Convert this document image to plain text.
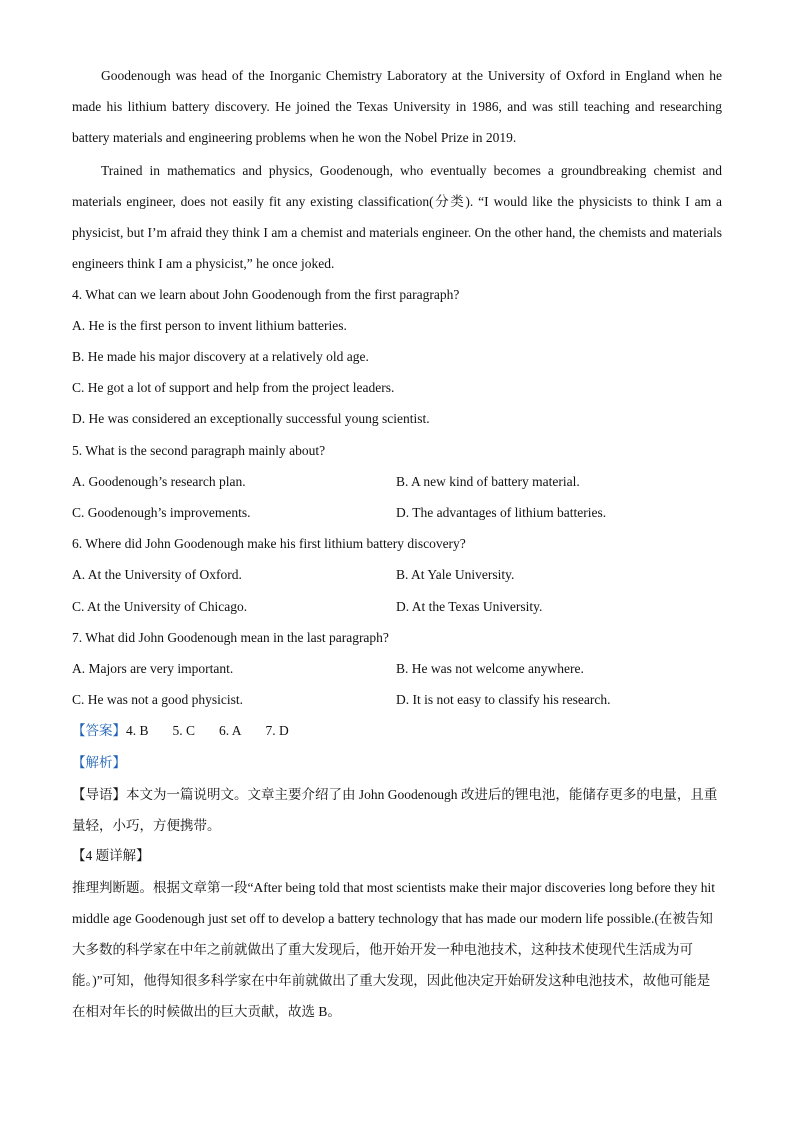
Goodenough was head of the Inorganic Chemistry Laboratory at the University of Oxford in England when he made his lithium battery discovery. He joined the Texas University in 1986, and was still teaching and researching battery materials and engineering problems when he won the Nobel Prize in 2019.
Trained in mathematics and physics, Goodenough, who eventually becomes a groundbreaking chemist and materials engineer, does not easily fit any existing classification(分类). “I would like the physicists to think I am a physicist, but I’m afraid they think I am a chemist and materials engineer. On the other hand, the chemists and materials engineers think I am a physicist,” he once joked.
4. What can we learn about John Goodenough from the first paragraph?
A. He is the first person to invent lithium batteries.
B. He made his major discovery at a relatively old age.
C. He got a lot of support and help from the project leaders.
D. He was considered an exceptionally successful young scientist.
5. What is the second paragraph mainly about?
A. Goodenough’s research plan.	B. A new kind of battery material.
C. Goodenough’s improvements.	D. The advantages of lithium batteries.
6. Where did John Goodenough make his first lithium battery discovery?
A. At the University of Oxford.	B. At Yale University.
C. At the University of Chicago.	D. At the Texas University.
7. What did John Goodenough mean in the last paragraph?
A. Majors are very important.	B. He was not welcome anywhere.
C. He was not a good physicist.	D. It is not easy to classify his research.
【答案】4. B 5. C 6. A 7. D
【解析】
【导语】本文为一篇说明文。文章主要介绍了由 John Goodenough 改进后的锂电池，能储存更多的电量，且重量轻，小巧，方便携带。
【4 题详解】
推理判断题。根据文章第一段“After being told that most scientists make their major discoveries long before they hit middle age Goodenough just set off to develop a battery technology that has made our modern life possible.(在被告知大多数的科学家在中年之前就做出了重大发现后，他开始开发一种电池技术，这种技术使现代生活成为可能。)”可知，他得知很多科学家在中年前就做出了重大发现，因此他决定开始研发这种电池技术，故他可能是在相对年长的时候做出的巨大贡献，故选 B。
